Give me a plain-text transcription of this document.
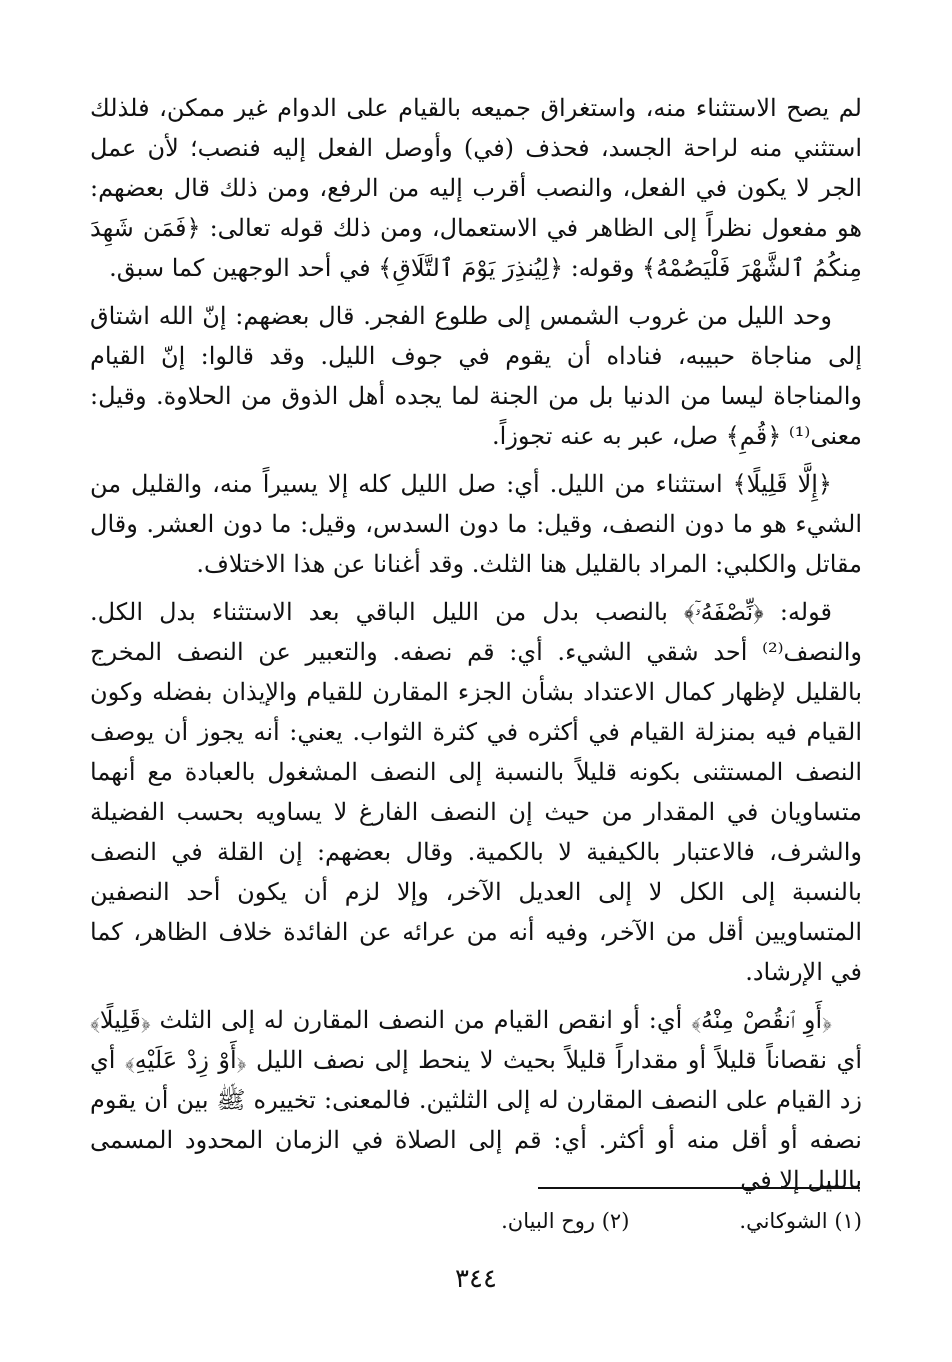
لم يصح الاستثناء منه، واستغراق جميعه بالقيام على الدوام غير ممكن، فلذلك استثني منه لراحة الجسد، فحذف (في) وأوصل الفعل إليه فنصب؛ لأن عمل الجر لا يكون في الفعل، والنصب أقرب إليه من الرفع، ومن ذلك قال بعضهم: هو مفعول نظراً إلى الظاهر في الاستعمال، ومن ذلك قوله تعالى: ﴿فَمَن شَهِدَ مِنكُمُ ٱلشَّهْرَ فَلْيَصُمْهُ﴾ وقوله: ﴿لِيُنذِرَ يَوْمَ ٱلتَّلَاقِ﴾ في أحد الوجهين كما سبق.

وحد الليل من غروب الشمس إلى طلوع الفجر. قال بعضهم: إنّ الله اشتاق إلى مناجاة حبيبه، فناداه أن يقوم في جوف الليل. وقد قالوا: إنّ القيام والمناجاة ليسا من الدنيا بل من الجنة لما يجده أهل الذوق من الحلاوة. وقيل: معنى⁽¹⁾ ﴿قُمِ﴾ صل، عبر به عنه تجوزاً.

﴿إِلَّا قَلِيلًا﴾ استثناء من الليل. أي: صل الليل كله إلا يسيراً منه، والقليل من الشيء هو ما دون النصف، وقيل: ما دون السدس، وقيل: ما دون العشر. وقال مقاتل والكلبي: المراد بالقليل هنا الثلث. وقد أغنانا عن هذا الاختلاف.

قوله: ﴿نِّصْفَهُۥٓ﴾ بالنصب بدل من الليل الباقي بعد الاستثناء بدل الكل. والنصف⁽²⁾ أحد شقي الشيء. أي: قم نصفه. والتعبير عن النصف المخرج بالقليل لإظهار كمال الاعتداد بشأن الجزء المقارن للقيام والإيذان بفضله وكون القيام فيه بمنزلة القيام في أكثره في كثرة الثواب. يعني: أنه يجوز أن يوصف النصف المستثنى بكونه قليلاً بالنسبة إلى النصف المشغول بالعبادة مع أنهما متساويان في المقدار من حيث إن النصف الفارغ لا يساويه بحسب الفضيلة والشرف، فالاعتبار بالكيفية لا بالكمية. وقال بعضهم: إن القلة في النصف بالنسبة إلى الكل لا إلى العديل الآخر، وإلا لزم أن يكون أحد النصفين المتساويين أقل من الآخر، وفيه أنه من عرائه عن الفائدة خلاف الظاهر، كما في الإرشاد.

﴿أَوِ ٱنقُصْ مِنْهُ﴾ أي: أو انقص القيام من النصف المقارن له إلى الثلث ﴿قَلِيلًا﴾ أي نقصاناً قليلاً أو مقداراً قليلاً بحيث لا ينحط إلى نصف الليل ﴿أَوْ زِدْ عَلَيْهِ﴾ أي زد القيام على النصف المقارن له إلى الثلثين. فالمعنى: تخييره ﷺ بين أن يقوم نصفه أو أقل منه أو أكثر. أي: قم إلى الصلاة في الزمان المحدود المسمى بالليل إلا في

(١) الشوكاني.
(٢) روح البيان.
٣٤٤
